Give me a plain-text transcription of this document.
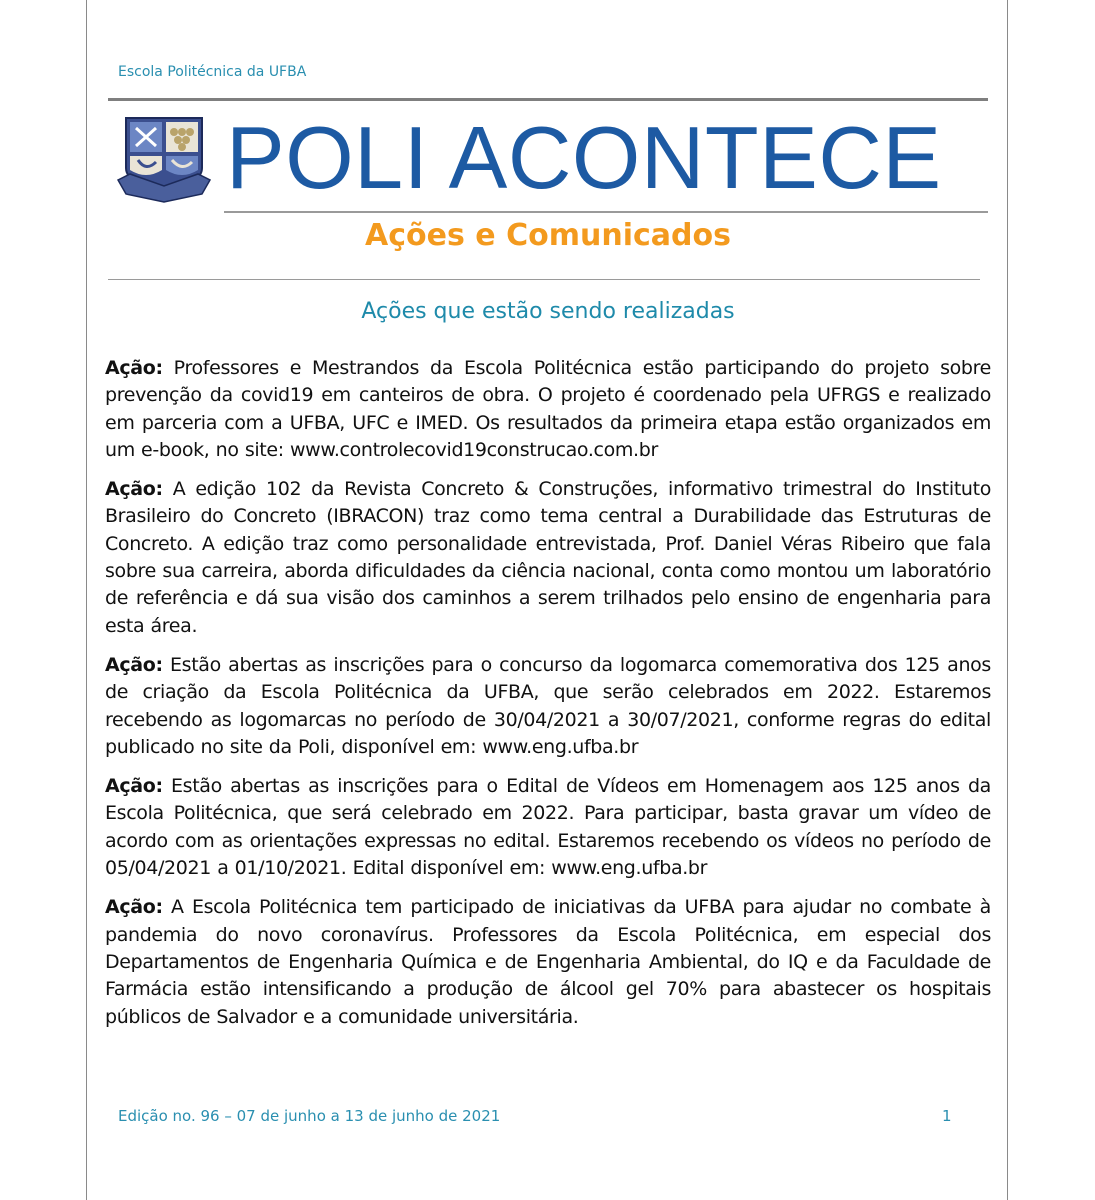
Escola Politécnica da UFBA
POLI ACONTECE
Ações e Comunicados
Ações que estão sendo realizadas

Ação: Professores e Mestrandos da Escola Politécnica estão participando do projeto sobre prevenção da covid19 em canteiros de obra. O projeto é coordenado pela UFRGS e realizado em parceria com a UFBA, UFC e IMED. Os resultados da primeira etapa estão organizados em um e-book, no site: www.controlecovid19construcao.com.br

Ação: A edição 102 da Revista Concreto & Construções, informativo trimestral do Instituto Brasileiro do Concreto (IBRACON) traz como tema central a Durabilidade das Estruturas de Concreto. A edição traz como personalidade entrevistada, Prof. Daniel Véras Ribeiro que fala sobre sua carreira, aborda dificuldades da ciência nacional, conta como montou um laboratório de referência e dá sua visão dos caminhos a serem trilhados pelo ensino de engenharia para esta área.

Ação: Estão abertas as inscrições para o concurso da logomarca comemorativa dos 125 anos de criação da Escola Politécnica da UFBA, que serão celebrados em 2022. Estaremos recebendo as logomarcas no período de 30/04/2021 a 30/07/2021, conforme regras do edital publicado no site da Poli, disponível em: www.eng.ufba.br

Ação: Estão abertas as inscrições para o Edital de Vídeos em Homenagem aos 125 anos da Escola Politécnica, que será celebrado em 2022. Para participar, basta gravar um vídeo de acordo com as orientações expressas no edital. Estaremos recebendo os vídeos no período de 05/04/2021 a 01/10/2021. Edital disponível em: www.eng.ufba.br

Ação: A Escola Politécnica tem participado de iniciativas da UFBA para ajudar no combate à pandemia do novo coronavírus. Professores da Escola Politécnica, em especial dos Departamentos de Engenharia Química e de Engenharia Ambiental, do IQ e da Faculdade de Farmácia estão intensificando a produção de álcool gel 70% para abastecer os hospitais públicos de Salvador e a comunidade universitária.

Edição no. 96 – 07 de junho a 13 de junho de 2021	1
